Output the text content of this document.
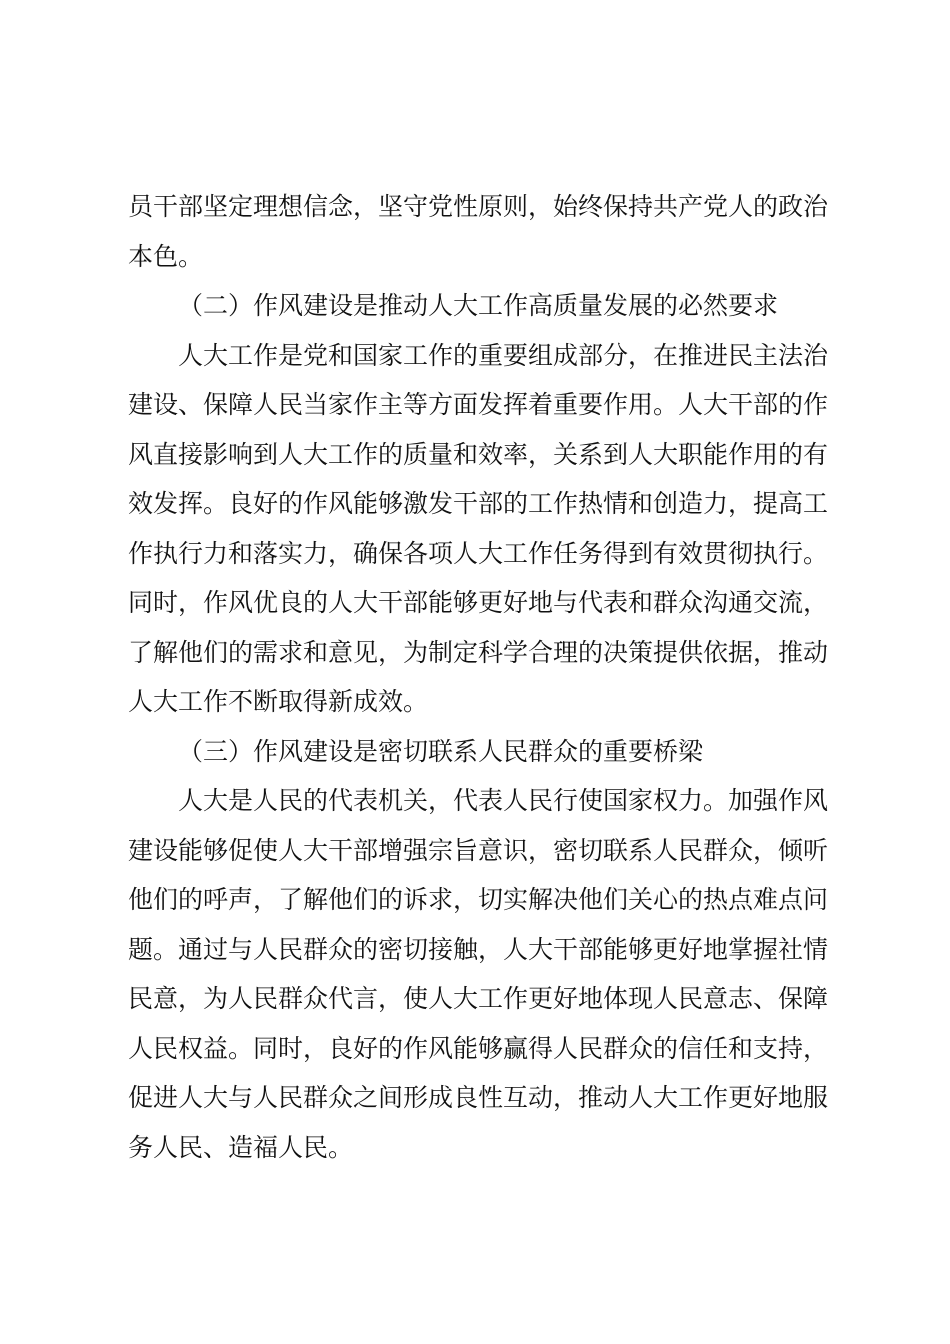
员干部坚定理想信念，坚守党性原则，始终保持共产党人的政治本色。

（二）作风建设是推动人大工作高质量发展的必然要求

人大工作是党和国家工作的重要组成部分，在推进民主法治建设、保障人民当家作主等方面发挥着重要作用。人大干部的作风直接影响到人大工作的质量和效率，关系到人大职能作用的有效发挥。良好的作风能够激发干部的工作热情和创造力，提高工作执行力和落实力，确保各项人大工作任务得到有效贯彻执行。同时，作风优良的人大干部能够更好地与代表和群众沟通交流，了解他们的需求和意见，为制定科学合理的决策提供依据，推动人大工作不断取得新成效。

（三）作风建设是密切联系人民群众的重要桥梁

人大是人民的代表机关，代表人民行使国家权力。加强作风建设能够促使人大干部增强宗旨意识，密切联系人民群众，倾听他们的呼声，了解他们的诉求，切实解决他们关心的热点难点问题。通过与人民群众的密切接触，人大干部能够更好地掌握社情民意，为人民群众代言，使人大工作更好地体现人民意志、保障人民权益。同时，良好的作风能够赢得人民群众的信任和支持，促进人大与人民群众之间形成良性互动，推动人大工作更好地服务人民、造福人民。
